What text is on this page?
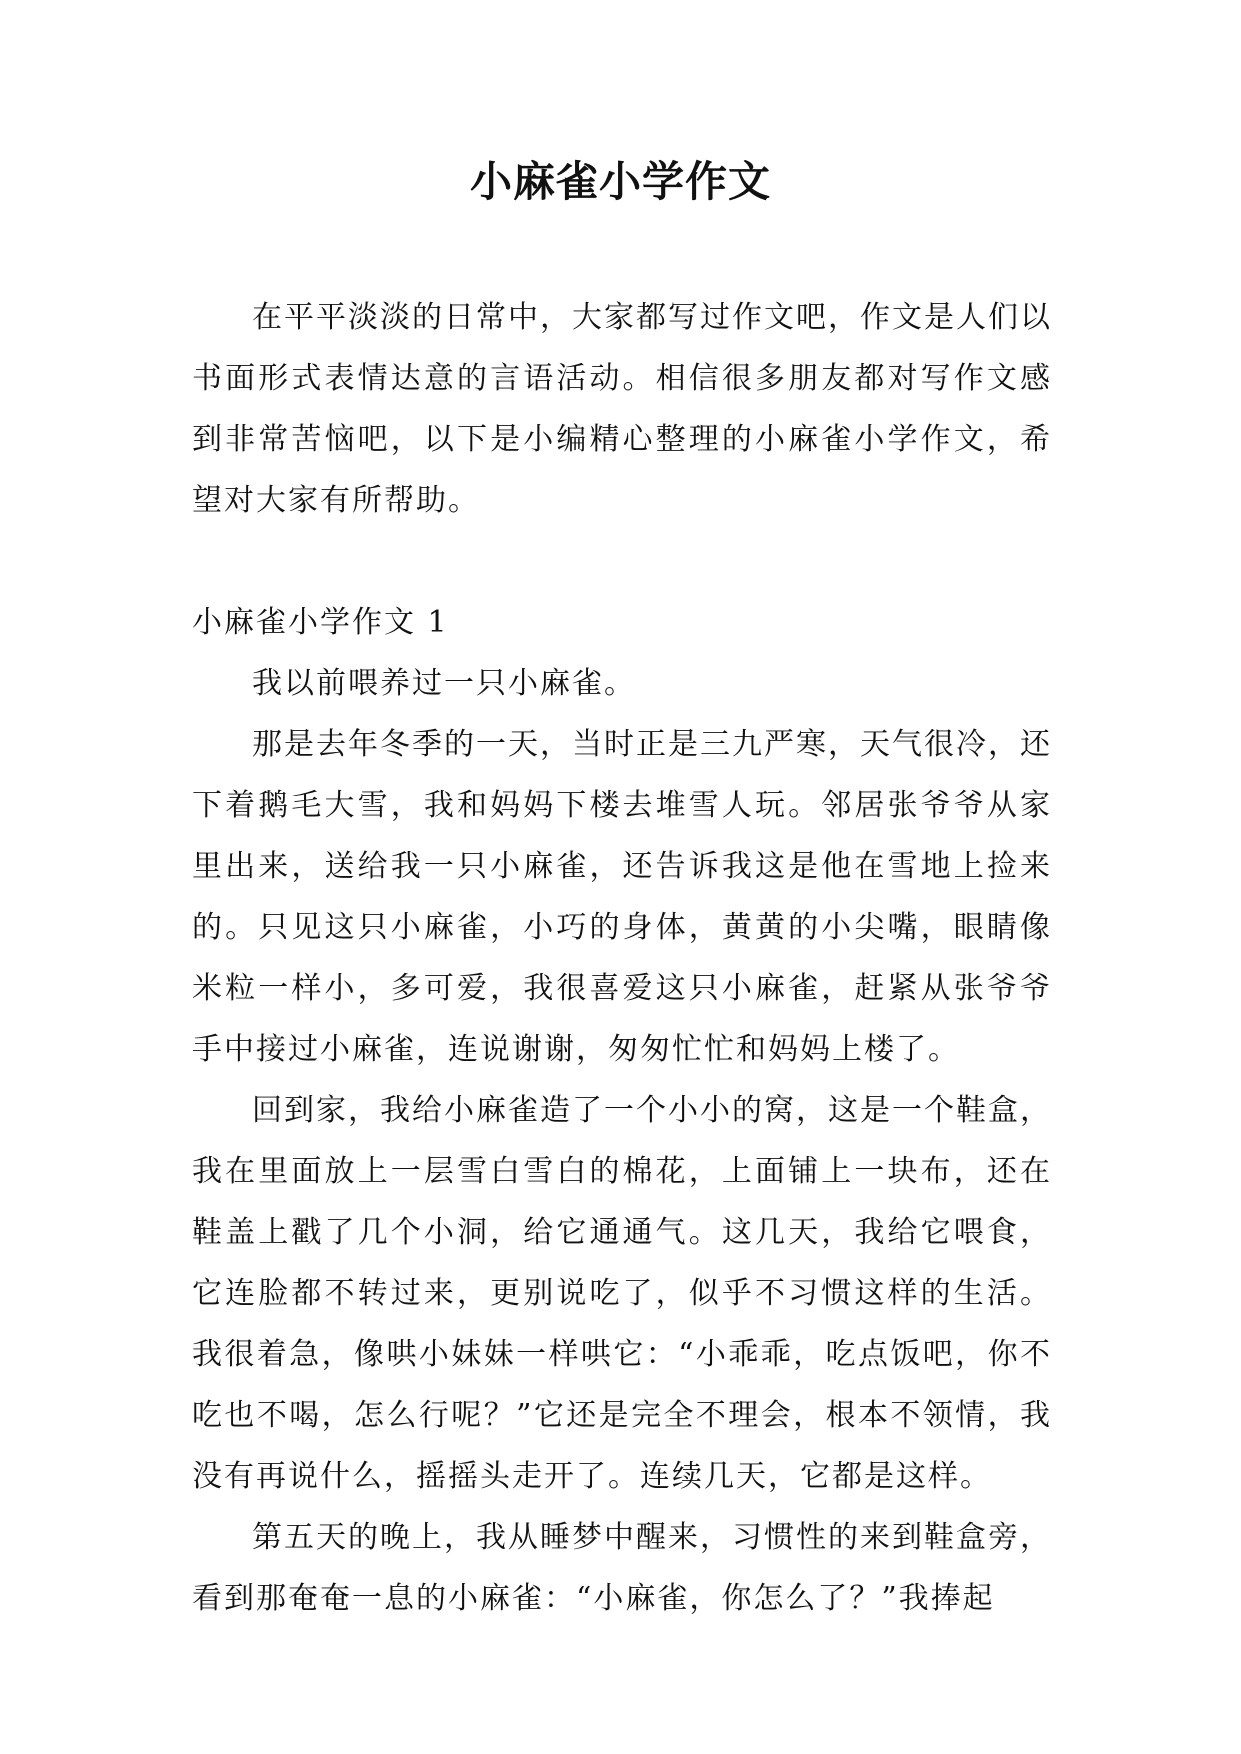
小麻雀小学作文

在平平淡淡的日常中，大家都写过作文吧，作文是人们以书面形式表情达意的言语活动。相信很多朋友都对写作文感到非常苦恼吧，以下是小编精心整理的小麻雀小学作文，希望对大家有所帮助。

小麻雀小学作文 1

我以前喂养过一只小麻雀。

那是去年冬季的一天，当时正是三九严寒，天气很冷，还下着鹅毛大雪，我和妈妈下楼去堆雪人玩。邻居张爷爷从家里出来，送给我一只小麻雀，还告诉我这是他在雪地上捡来的。只见这只小麻雀，小巧的身体，黄黄的小尖嘴，眼睛像米粒一样小，多可爱，我很喜爱这只小麻雀，赶紧从张爷爷手中接过小麻雀，连说谢谢，匆匆忙忙和妈妈上楼了。

回到家，我给小麻雀造了一个小小的窝，这是一个鞋盒，我在里面放上一层雪白雪白的棉花，上面铺上一块布，还在鞋盖上戳了几个小洞，给它通通气。这几天，我给它喂食，它连脸都不转过来，更别说吃了，似乎不习惯这样的生活。我很着急，像哄小妹妹一样哄它：“小乖乖，吃点饭吧，你不吃也不喝，怎么行呢？”它还是完全不理会，根本不领情，我没有再说什么，摇摇头走开了。连续几天，它都是这样。

第五天的晚上，我从睡梦中醒来，习惯性的来到鞋盒旁，看到那奄奄一息的小麻雀：“小麻雀，你怎么了？”我捧起
